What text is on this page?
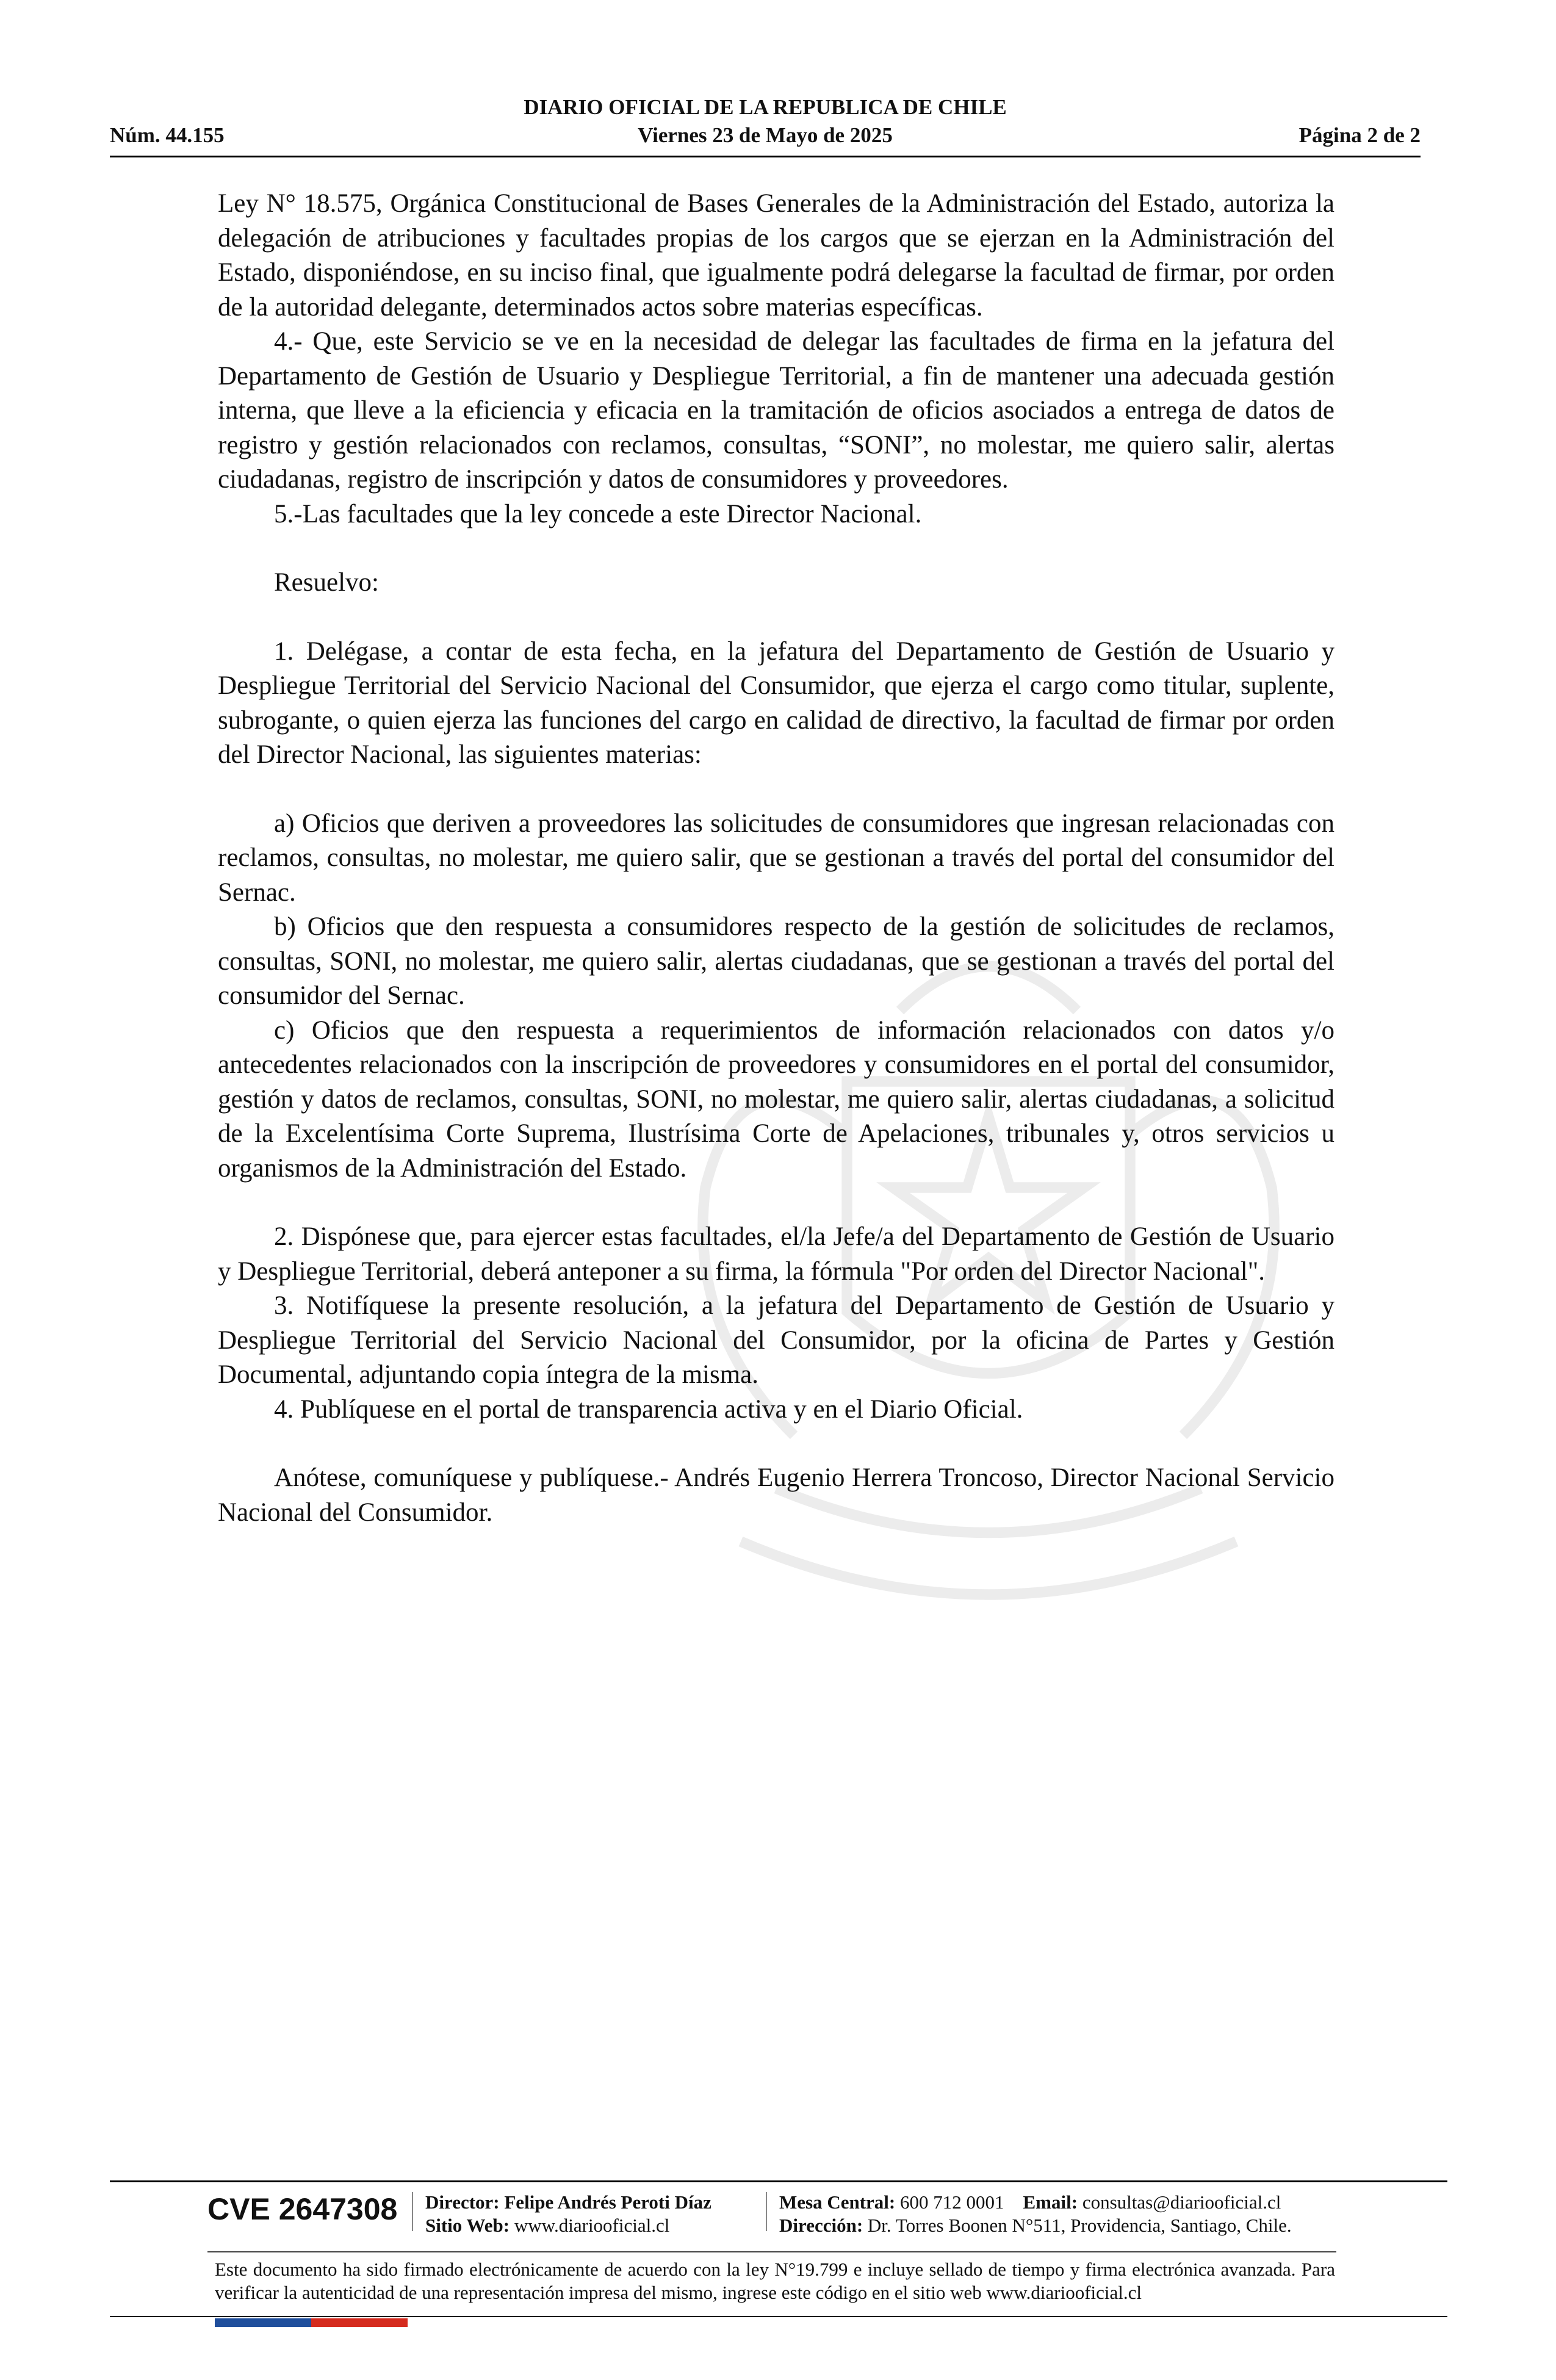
DIARIO OFICIAL DE LA REPUBLICA DE CHILE
Núm. 44.155	Viernes 23 de Mayo de 2025	Página 2 de 2

Ley N° 18.575, Orgánica Constitucional de Bases Generales de la Administración del Estado, autoriza la delegación de atribuciones y facultades propias de los cargos que se ejerzan en la Administración del Estado, disponiéndose, en su inciso final, que igualmente podrá delegarse la facultad de firmar, por orden de la autoridad delegante, determinados actos sobre materias específicas.

4.- Que, este Servicio se ve en la necesidad de delegar las facultades de firma en la jefatura del Departamento de Gestión de Usuario y Despliegue Territorial, a fin de mantener una adecuada gestión interna, que lleve a la eficiencia y eficacia en la tramitación de oficios asociados a entrega de datos de registro y gestión relacionados con reclamos, consultas, “SONI”, no molestar, me quiero salir, alertas ciudadanas, registro de inscripción y datos de consumidores y proveedores.

5.-Las facultades que la ley concede a este Director Nacional.

Resuelvo:

1. Delégase, a contar de esta fecha, en la jefatura del Departamento de Gestión de Usuario y Despliegue Territorial del Servicio Nacional del Consumidor, que ejerza el cargo como titular, suplente, subrogante, o quien ejerza las funciones del cargo en calidad de directivo, la facultad de firmar por orden del Director Nacional, las siguientes materias:

a) Oficios que deriven a proveedores las solicitudes de consumidores que ingresan relacionadas con reclamos, consultas, no molestar, me quiero salir, que se gestionan a través del portal del consumidor del Sernac.

b) Oficios que den respuesta a consumidores respecto de la gestión de solicitudes de reclamos, consultas, SONI, no molestar, me quiero salir, alertas ciudadanas, que se gestionan a través del portal del consumidor del Sernac.

c) Oficios que den respuesta a requerimientos de información relacionados con datos y/o antecedentes relacionados con la inscripción de proveedores y consumidores en el portal del consumidor, gestión y datos de reclamos, consultas, SONI, no molestar, me quiero salir, alertas ciudadanas, a solicitud de la Excelentísima Corte Suprema, Ilustrísima Corte de Apelaciones, tribunales y, otros servicios u organismos de la Administración del Estado.

2. Dispónese que, para ejercer estas facultades, el/la Jefe/a del Departamento de Gestión de Usuario y Despliegue Territorial, deberá anteponer a su firma, la fórmula "Por orden del Director Nacional".

3. Notifíquese la presente resolución, a la jefatura del Departamento de Gestión de Usuario y Despliegue Territorial del Servicio Nacional del Consumidor, por la oficina de Partes y Gestión Documental, adjuntando copia íntegra de la misma.

4. Publíquese en el portal de transparencia activa y en el Diario Oficial.

Anótese, comuníquese y publíquese.- Andrés Eugenio Herrera Troncoso, Director Nacional Servicio Nacional del Consumidor.

CVE 2647308 Director: Felipe Andrés Peroti Díaz
Sitio Web: www.diariooficial.cl
Mesa Central: 600 712 0001 Email: consultas@diariooficial.cl
Dirección: Dr. Torres Boonen N°511, Providencia, Santiago, Chile.
Este documento ha sido firmado electrónicamente de acuerdo con la ley N°19.799 e incluye sellado de tiempo y firma electrónica avanzada. Para verificar la autenticidad de una representación impresa del mismo, ingrese este código en el sitio web www.diariooficial.cl
